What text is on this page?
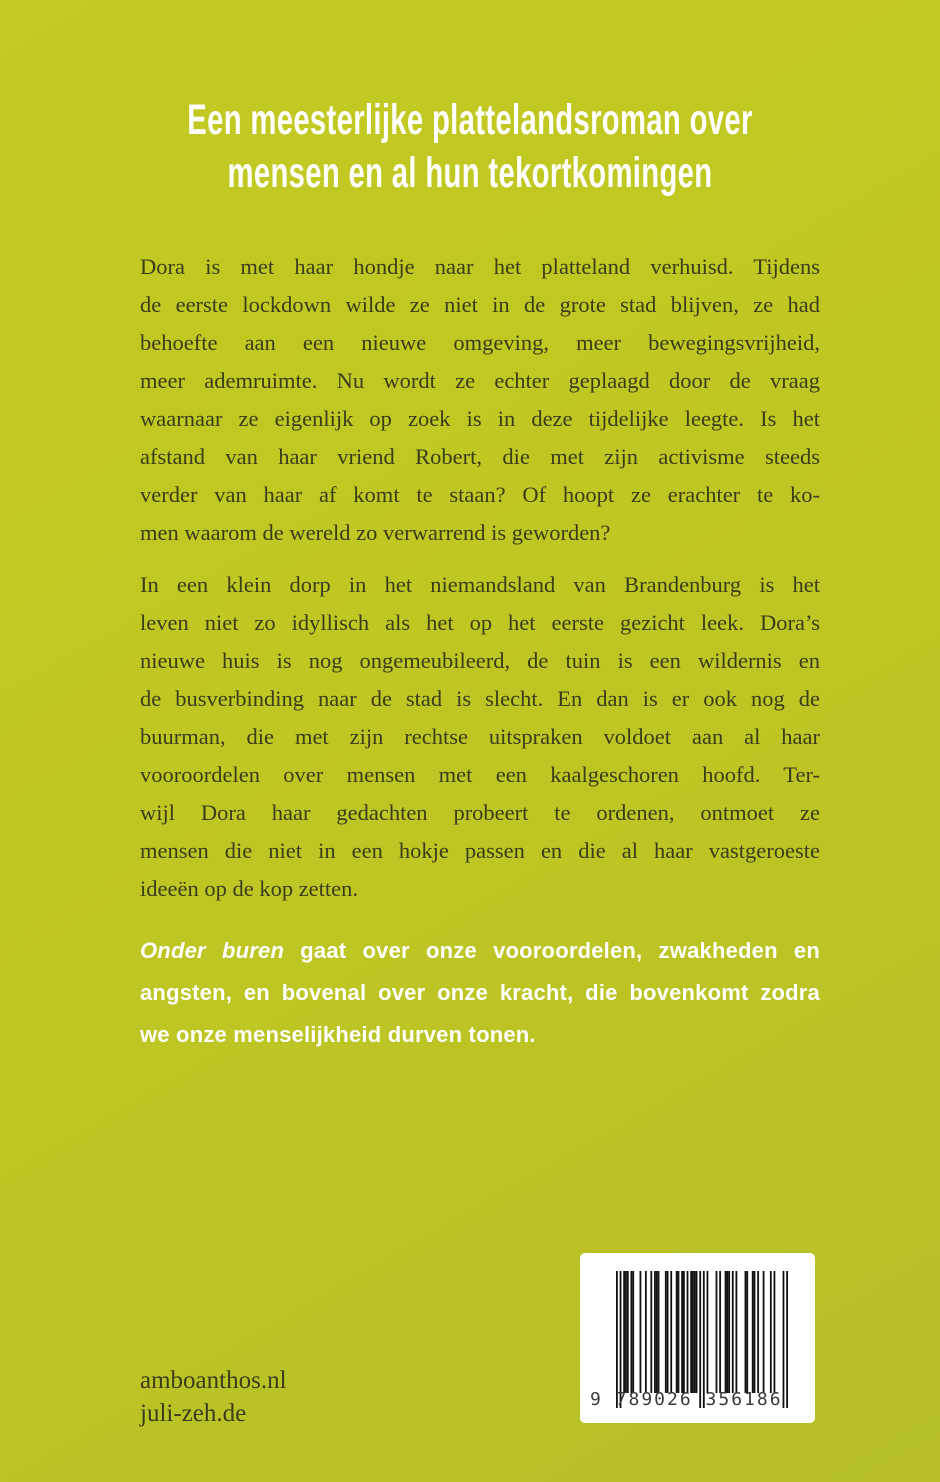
Een meesterlijke plattelandsroman over
mensen en al hun tekortkomingen
Dora is met haar hondje naar het platteland verhuisd. Tijdens
de eerste lockdown wilde ze niet in de grote stad blijven, ze had
behoefte aan een nieuwe omgeving, meer bewegingsvrijheid,
meer ademruimte. Nu wordt ze echter geplaagd door de vraag
waarnaar ze eigenlijk op zoek is in deze tijdelijke leegte. Is het
afstand van haar vriend Robert, die met zijn activisme steeds
verder van haar af komt te staan? Of hoopt ze erachter te ko-
men waarom de wereld zo verwarrend is geworden?
In een klein dorp in het niemandsland van Brandenburg is het
leven niet zo idyllisch als het op het eerste gezicht leek. Dora’s
nieuwe huis is nog ongemeubileerd, de tuin is een wildernis en
de busverbinding naar de stad is slecht. En dan is er ook nog de
buurman, die met zijn rechtse uitspraken voldoet aan al haar
vooroordelen over mensen met een kaalgeschoren hoofd. Ter-
wijl Dora haar gedachten probeert te ordenen, ontmoet ze
mensen die niet in een hokje passen en die al haar vastgeroeste
ideeën op de kop zetten.
Onder buren gaat over onze vooroordelen, zwakheden en
angsten, en bovenal over onze kracht, die bovenkomt zodra
we onze menselijkheid durven tonen.
amboanthos.nl
juli-zeh.de
9 789026 356186
